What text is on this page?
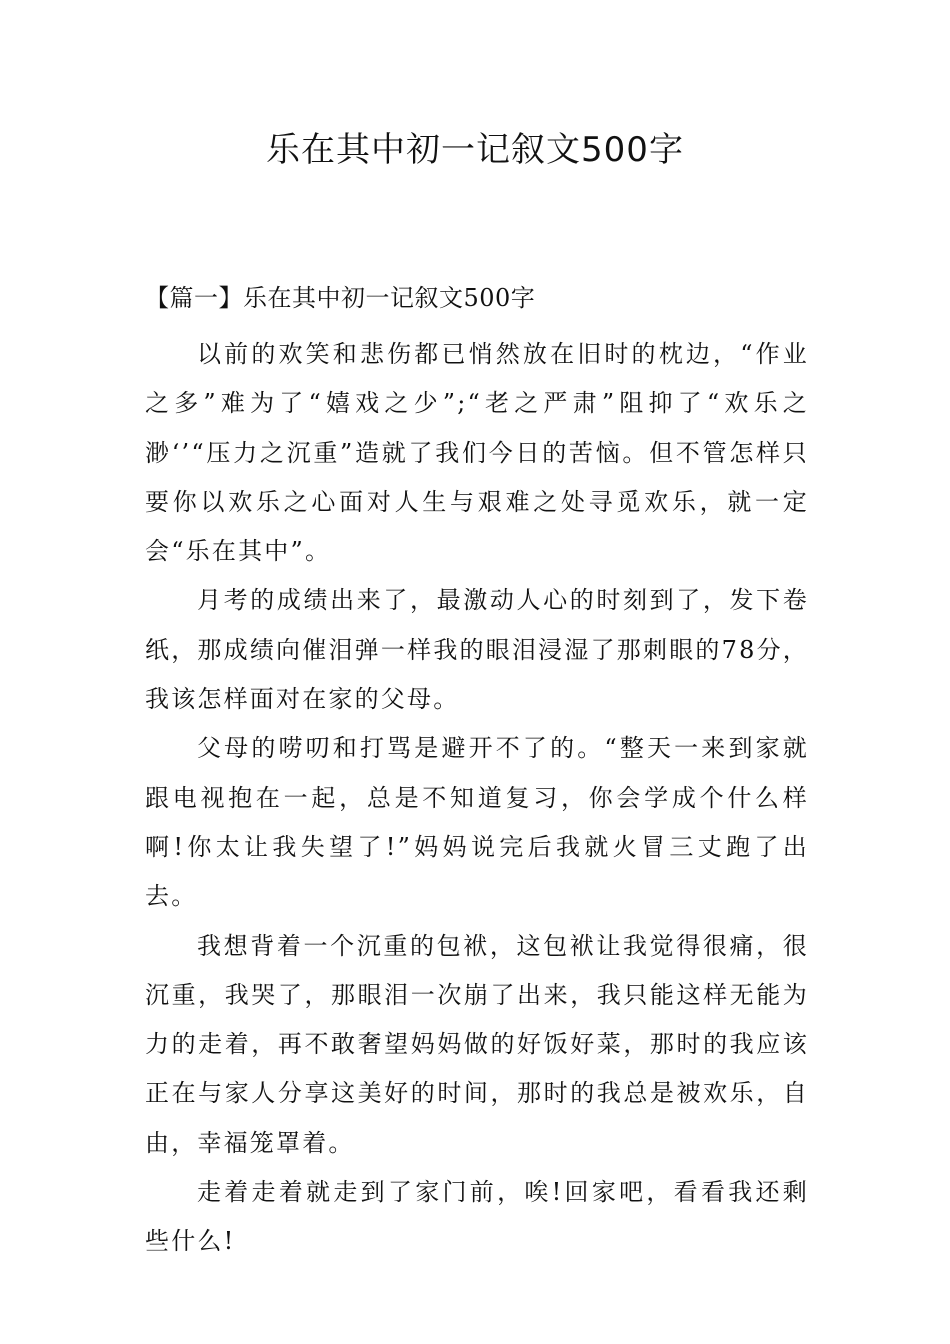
乐在其中初一记叙文500字
【篇一】乐在其中初一记叙文500字

以前的欢笑和悲伤都已悄然放在旧时的枕边，“作业之多”难为了“嬉戏之少”;“老之严肃”阻抑了“欢乐之渺‘’“压力之沉重”造就了我们今日的苦恼。但不管怎样只要你以欢乐之心面对人生与艰难之处寻觅欢乐，就一定会“乐在其中”。

月考的成绩出来了，最激动人心的时刻到了，发下卷纸，那成绩向催泪弹一样我的眼泪浸湿了那刺眼的78分，我该怎样面对在家的父母。

父母的唠叨和打骂是避开不了的。“整天一来到家就跟电视抱在一起，总是不知道复习，你会学成个什么样啊!你太让我失望了!”妈妈说完后我就火冒三丈跑了出去。

我想背着一个沉重的包袱，这包袱让我觉得很痛，很沉重，我哭了，那眼泪一次崩了出来，我只能这样无能为力的走着，再不敢奢望妈妈做的好饭好菜，那时的我应该正在与家人分享这美好的时间，那时的我总是被欢乐，自由，幸福笼罩着。

走着走着就走到了家门前，唉!回家吧，看看我还剩些什么!
